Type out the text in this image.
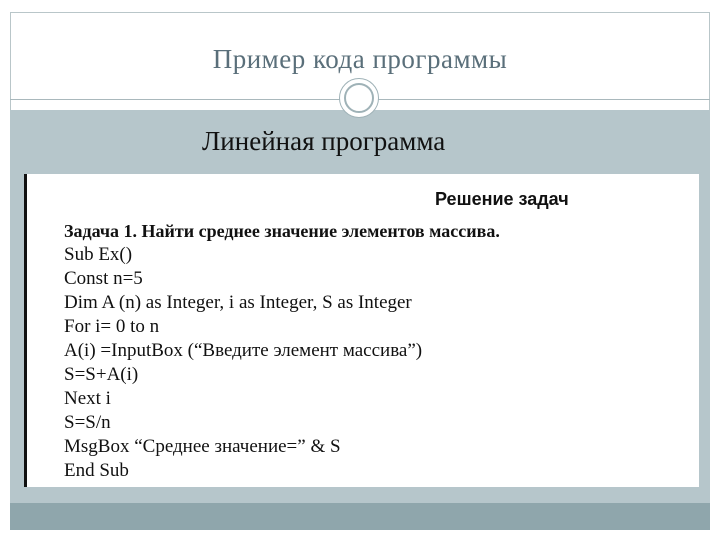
Пример кода программы
Линейная программа
Решение задач
Задача 1. Найти среднее значение элементов массива.
Sub Ex()
Const n=5
Dim A (n) as Integer, i as Integer, S as Integer
For i= 0 to n
A(i) =InputBox (“Введите элемент массива”)
S=S+A(i)
Next i
S=S/n
MsgBox “Среднее значение=” & S
End Sub
